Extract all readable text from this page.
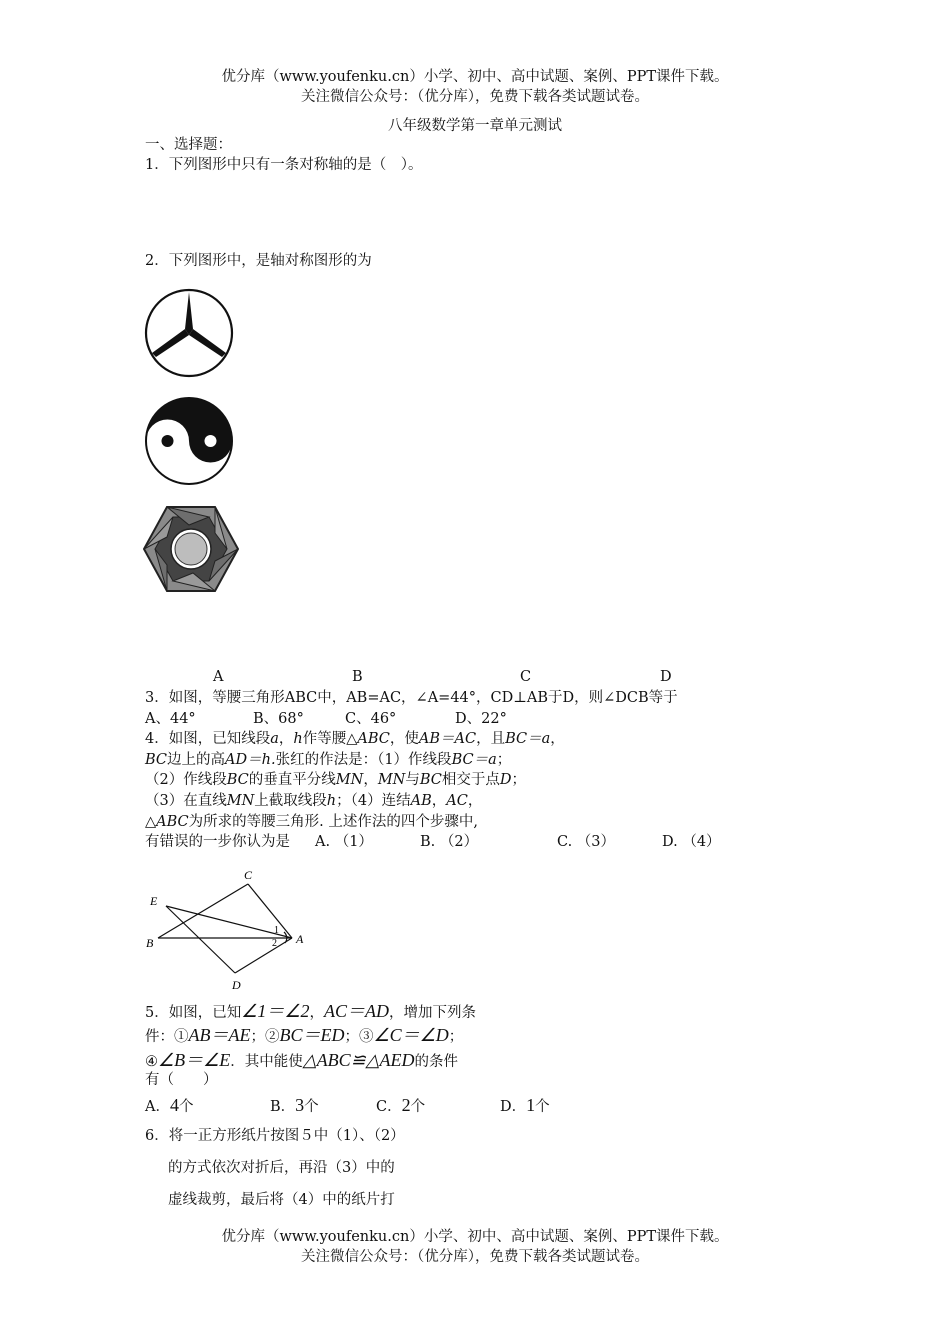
优分库（www.youfenku.cn）小学、初中、高中试题、案例、PPT课件下载。
关注微信公众号：（优分库），免费下载各类试题试卷。
八年级数学第一章单元测试
一、选择题：
1．下列图形中只有一条对称轴的是（　）。
2．下列图形中，是轴对称图形的为
A	B	C	D
3．如图，等腰三角形ABC中，AB=AC，∠A=44°，CD⊥AB于D，则∠DCB等于
A、44°	B、68°	C、46°	D、22°
4．如图，已知线段a，h作等腰△ABC，使AB＝AC，且BC＝a，
BC边上的高AD＝h.张红的作法是：（1）作线段BC＝a；
（2）作线段BC的垂直平分线MN，MN与BC相交于点D；
（3）在直线MN上截取线段h；（4）连结AB，AC，
△ABC为所求的等腰三角形. 上述作法的四个步骤中,
有错误的一步你认为是 A. （1）	B. （2）	C. （3）	D. （4）
C
E
B	A
D
1
2
5．如图，已知∠1＝∠2，AC＝AD，增加下列条
件：①AB＝AE；②BC＝ED；③∠C＝∠D；
④∠B＝∠E．其中能使△ABC≌△AED的条件
有（　　）
A．4个	B．3个	C．2个	D．1个
6．将一正方形纸片按图５中（1）、（2）
的方式依次对折后，再沿（3）中的
虚线裁剪，最后将（4）中的纸片打
优分库（www.youfenku.cn）小学、初中、高中试题、案例、PPT课件下载。
关注微信公众号：（优分库），免费下载各类试题试卷。
